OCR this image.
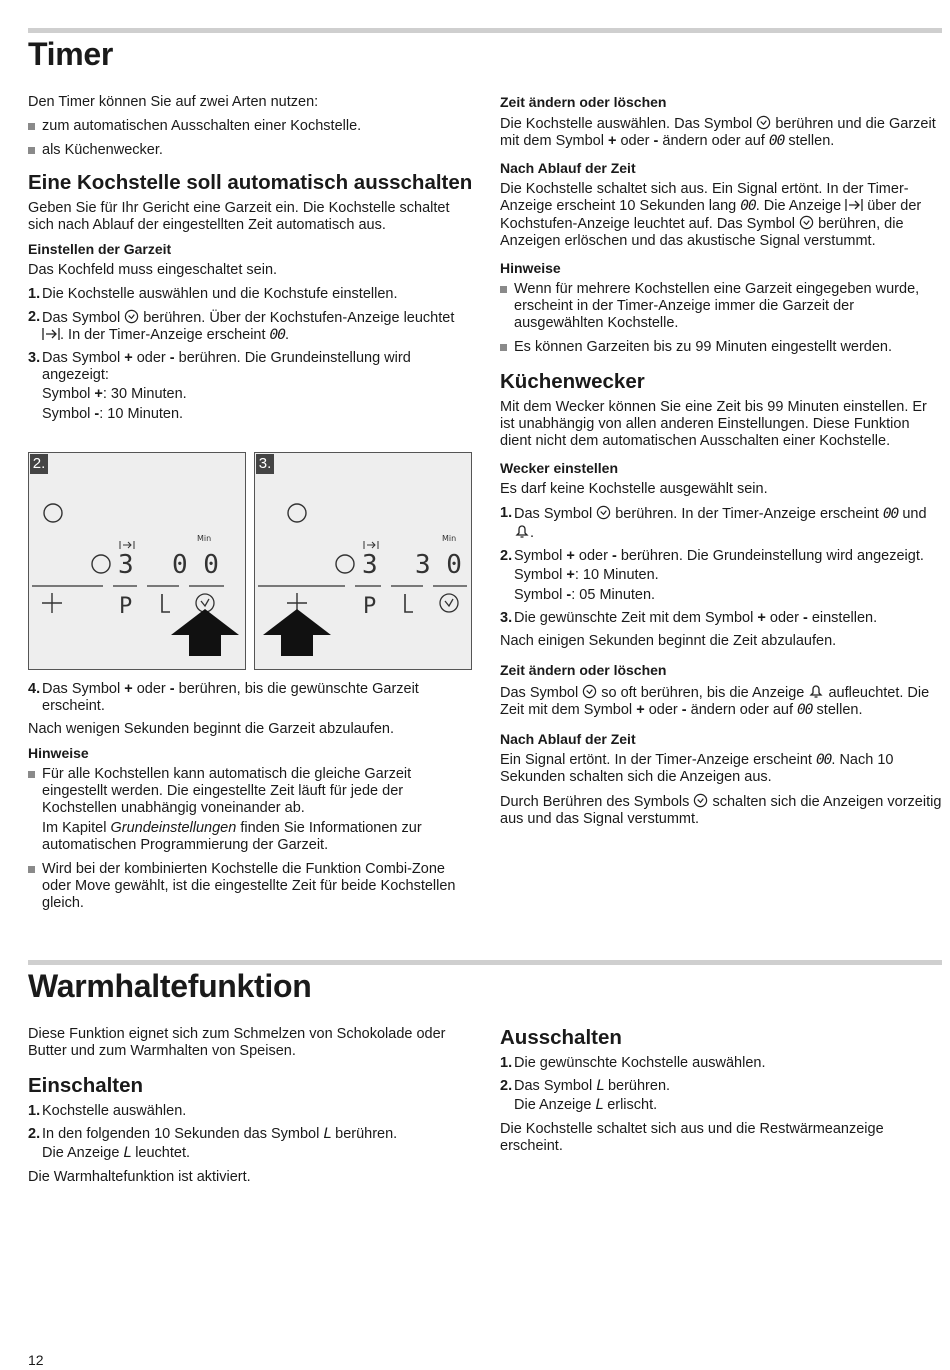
Timer

Den Timer können Sie auf zwei Arten nutzen:

zum automatischen Ausschalten einer Kochstelle.
als Küchenwecker.
Eine Kochstelle soll automatisch ausschalten

Geben Sie für Ihr Gericht eine Garzeit ein. Die Kochstelle schaltet sich nach Ablauf der eingestellten Zeit automatisch aus.

Einstellen der Garzeit

Das Kochfeld muss eingeschaltet sein.

1. Die Kochstelle auswählen und die Kochstufe einstellen.
2. Das Symbol berühren. Über der Kochstufen-Anzeige leuchtet . In der Timer-Anzeige erscheint 00.
3. Das Symbol + oder - berühren. Die Grundeinstellung wird angezeigt:
Symbol +: 30 Minuten.
Symbol -: 10 Minuten.
2.
3
Min
0 0
P
3.
3
Min
3 0
P
4. Das Symbol + oder - berühren, bis die gewünschte Garzeit erscheint.

Nach wenigen Sekunden beginnt die Garzeit abzulaufen.

Hinweise
Für alle Kochstellen kann automatisch die gleiche Garzeit eingestellt werden. Die eingestellte Zeit läuft für jede der Kochstellen unabhängig voneinander ab.

Im Kapitel Grundeinstellungen finden Sie Informationen zur automatischen Programmierung der Garzeit.

Wird bei der kombinierten Kochstelle die Funktion Combi-Zone oder Move gewählt, ist die eingestellte Zeit für beide Kochstellen gleich.
Zeit ändern oder löschen

Die Kochstelle auswählen. Das Symbol berühren und die Garzeit mit dem Symbol + oder - ändern oder auf 00 stellen.

Nach Ablauf der Zeit

Die Kochstelle schaltet sich aus. Ein Signal ertönt. In der Timer-Anzeige erscheint 10 Sekunden lang 00. Die Anzeige über der Kochstufen-Anzeige leuchtet auf. Das Symbol berühren, die Anzeigen erlöschen und das akustische Signal verstummt.

Hinweise
Wenn für mehrere Kochstellen eine Garzeit eingegeben wurde, erscheint in der Timer-Anzeige immer die Garzeit der ausgewählten Kochstelle.
Es können Garzeiten bis zu 99 Minuten eingestellt werden.
Küchenwecker

Mit dem Wecker können Sie eine Zeit bis 99 Minuten einstellen. Er ist unabhängig von allen anderen Einstellungen. Diese Funktion dient nicht dem automatischen Ausschalten einer Kochstelle.

Wecker einstellen

Es darf keine Kochstelle ausgewählt sein.

1. Das Symbol berühren. In der Timer-Anzeige erscheint 00 und .
2. Symbol + oder - berühren. Die Grundeinstellung wird angezeigt.
Symbol +: 10 Minuten.
Symbol -: 05 Minuten.
3. Die gewünschte Zeit mit dem Symbol + oder - einstellen.

Nach einigen Sekunden beginnt die Zeit abzulaufen.

Zeit ändern oder löschen

Das Symbol so oft berühren, bis die Anzeige aufleuchtet. Die Zeit mit dem Symbol + oder - ändern oder auf 00 stellen.

Nach Ablauf der Zeit

Ein Signal ertönt. In der Timer-Anzeige erscheint 00. Nach 10 Sekunden schalten sich die Anzeigen aus.

Durch Berühren des Symbols schalten sich die Anzeigen vorzeitig aus und das Signal verstummt.

Warmhaltefunktion

Diese Funktion eignet sich zum Schmelzen von Schokolade oder Butter und zum Warmhalten von Speisen.

Einschalten
1. Kochstelle auswählen.
2. In den folgenden 10 Sekunden das Symbol L berühren.
Die Anzeige L leuchtet.

Die Warmhaltefunktion ist aktiviert.

Ausschalten
1. Die gewünschte Kochstelle auswählen.
2. Das Symbol L berühren.
Die Anzeige L erlischt.

Die Kochstelle schaltet sich aus und die Restwärmeanzeige erscheint.

12
